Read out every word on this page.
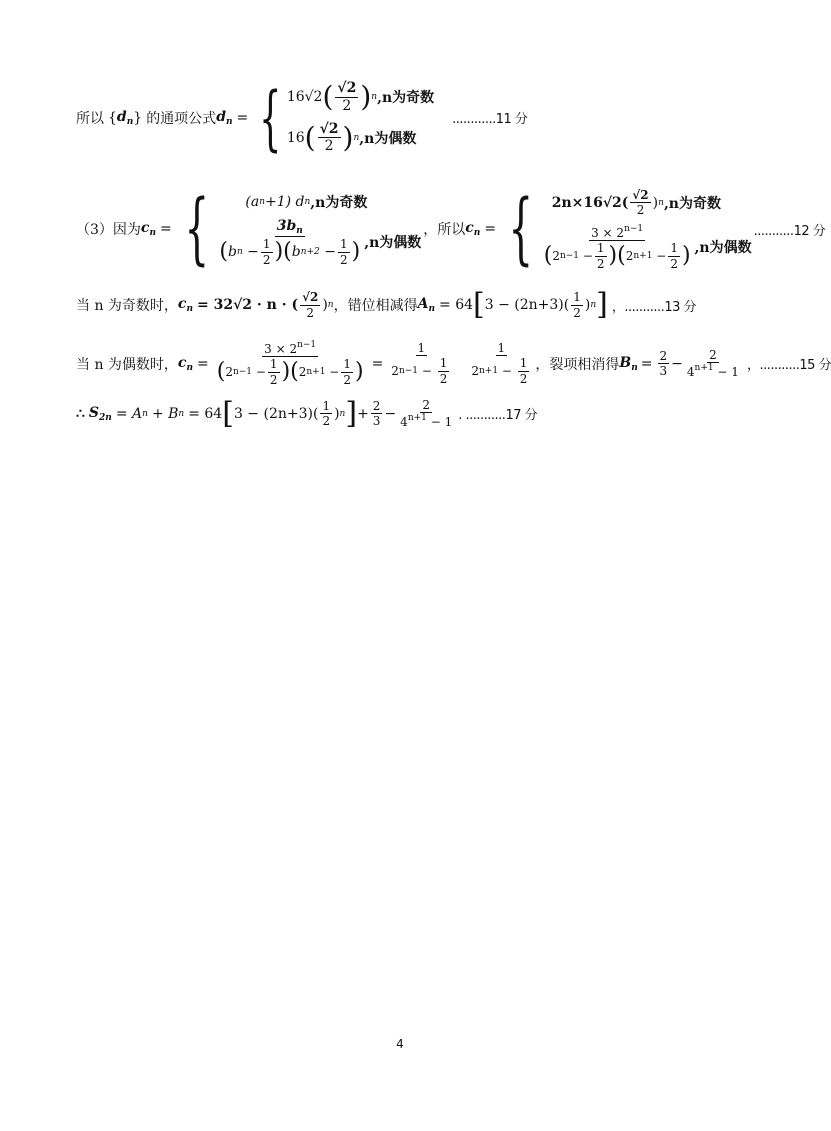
所以 { $d_n$ } 的通项公式 $d_n$ = { 16√2 ( $\frac{√2}{2}$ ) n ,n为奇数
16 ( $\frac{√2}{2}$ ) n ,n为偶数
............11 分
（3）因为 $c_n$ = {	(a n +1) d n ,n为奇数
$3b_n$
( b $n - \frac{1}{2}$ )( b $n+2 - \frac{1}{2}$ ) ,n为偶数
，所以 $c_n$ = { $2n\times 16√2( \frac{√2}{2}$ ) n ,n为奇数
$3 \times 2^{n-1}$
( 2 $n-1 - \frac{1}{2}$ )( 2 $n+1 - \frac{1}{2}$ ) ,n为偶数
...........12 分
当 n 为奇数时， $c_n = 32√2 \cdot n$ · ( $\frac{√2}{2}$ ) n ，错位相减得 $A_n = 64$ [ $3 - (2n+3)( \frac{1}{2}$ ) n ] ，...........13 分
当 n 为偶数时， $c_n = \frac{3 \times 2^{n-1}}{( 2 n-1 - \frac{1}{2} )( 2 n+1 - \frac{1}{2} )} = \frac{1}{2 n-1 - \frac{1}{2}} \frac{1}{2 n+1 - \frac{1}{2}}$ ，裂项相消得 $B_n = \frac{2}{3} - \frac{2}{4^{n+1} - 1}$ ，...........15 分
∴ $S_{2n} = A$ n + B n = 64 [ $3 - (2n+3)( \frac{1}{2}$ ) n ] + $\frac{2}{3} - \frac{2}{4^{n+1} - 1}$ . ...........17 分
4
